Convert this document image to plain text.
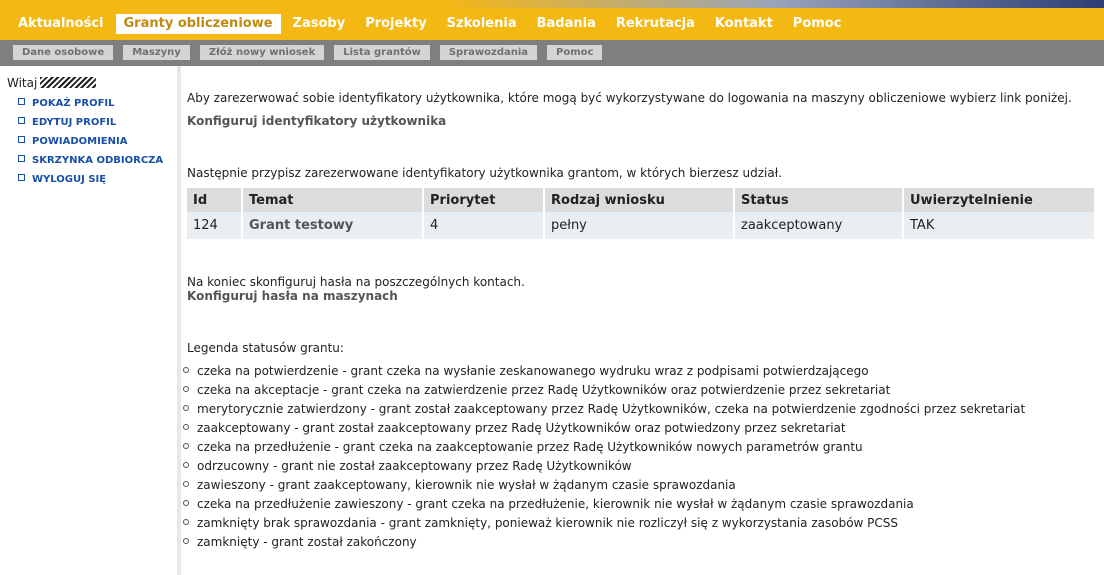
Aktualności	Granty obliczeniowe	Zasoby	Projekty	Szkolenia	Badania	Rekrutacja	Kontakt	Pomoc
Dane osobowe	Maszyny	Złóż nowy wniosek	Lista grantów	Sprawozdania	Pomoc
Witaj
POKAŻ PROFIL
EDYTUJ PROFIL
POWIADOMIENIA
SKRZYNKA ODBIORCZA
WYLOGUJ SIĘ
Aby zarezerwować sobie identyfikatory użytkownika, które mogą być wykorzystywane do logowania na maszyny obliczeniowe wybierz link poniżej.
Konfiguruj identyfikatory użytkownika
Następnie przypisz zarezerwowane identyfikatory użytkownika grantom, w których bierzesz udział.
Id	Temat	Priorytet	Rodzaj wniosku	Status	Uwierzytelnienie
124	Grant testowy	4	pełny	zaakceptowany	TAK
Na koniec skonfiguruj hasła na poszczególnych kontach.
Konfiguruj hasła na maszynach
Legenda statusów grantu:
czeka na potwierdzenie - grant czeka na wysłanie zeskanowanego wydruku wraz z podpisami potwierdzającego
czeka na akceptacje - grant czeka na zatwierdzenie przez Radę Użytkowników oraz potwierdzenie przez sekretariat
merytorycznie zatwierdzony - grant został zaakceptowany przez Radę Użytkowników, czeka na potwierdzenie zgodności przez sekretariat
zaakceptowany - grant został zaakceptowany przez Radę Użytkowników oraz potwiedzony przez sekretariat
czeka na przedłużenie - grant czeka na zaakceptowanie przez Radę Użytkowników nowych parametrów grantu
odrzucowny - grant nie został zaakceptowany przez Radę Użytkowników
zawieszony - grant zaakceptowany, kierownik nie wysłał w żądanym czasie sprawozdania
czeka na przedłużenie zawieszony - grant czeka na przedłużenie, kierownik nie wysłał w żądanym czasie sprawozdania
zamknięty brak sprawozdania - grant zamknięty, ponieważ kierownik nie rozliczył się z wykorzystania zasobów PCSS
zamknięty - grant został zakończony
